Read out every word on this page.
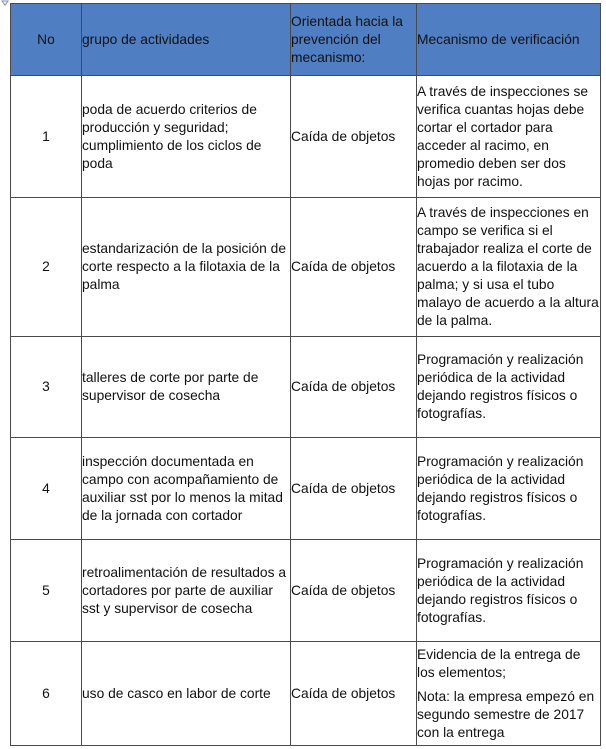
No	grupo de actividades	Orientada hacia la prevención del mecanismo:	Mecanismo de verificación
1	poda de acuerdo criterios de producción y seguridad; cumplimiento de los ciclos de poda	Caída de objetos	A través de inspecciones se verifica cuantas hojas debe cortar el cortador para acceder al racimo, en promedio deben ser dos hojas por racimo.

2	estandarización de la posición de corte respecto a la filotaxia de la palma	Caída de objetos	A través de inspecciones en campo se verifica si el trabajador realiza el corte de acuerdo a la filotaxia de la palma; y si usa el tubo malayo de acuerdo a la altura de la palma.

3	talleres de corte por parte de supervisor de cosecha	Caída de objetos	Programación y realización periódica de la actividad dejando registros físicos o fotografías.

4	inspección documentada en campo con acompañamiento de auxiliar sst por lo menos la mitad de la jornada con cortador	Caída de objetos	Programación y realización periódica de la actividad dejando registros físicos o fotografías.

5	retroalimentación de resultados a cortadores por parte de auxiliar sst y supervisor de cosecha	Caída de objetos	Programación y realización periódica de la actividad dejando registros físicos o fotografías.

6	uso de casco en labor de corte	Caída de objetos	Evidencia de la entrega de los elementos;

Nota: la empresa empezó en segundo semestre de 2017 con la entrega
